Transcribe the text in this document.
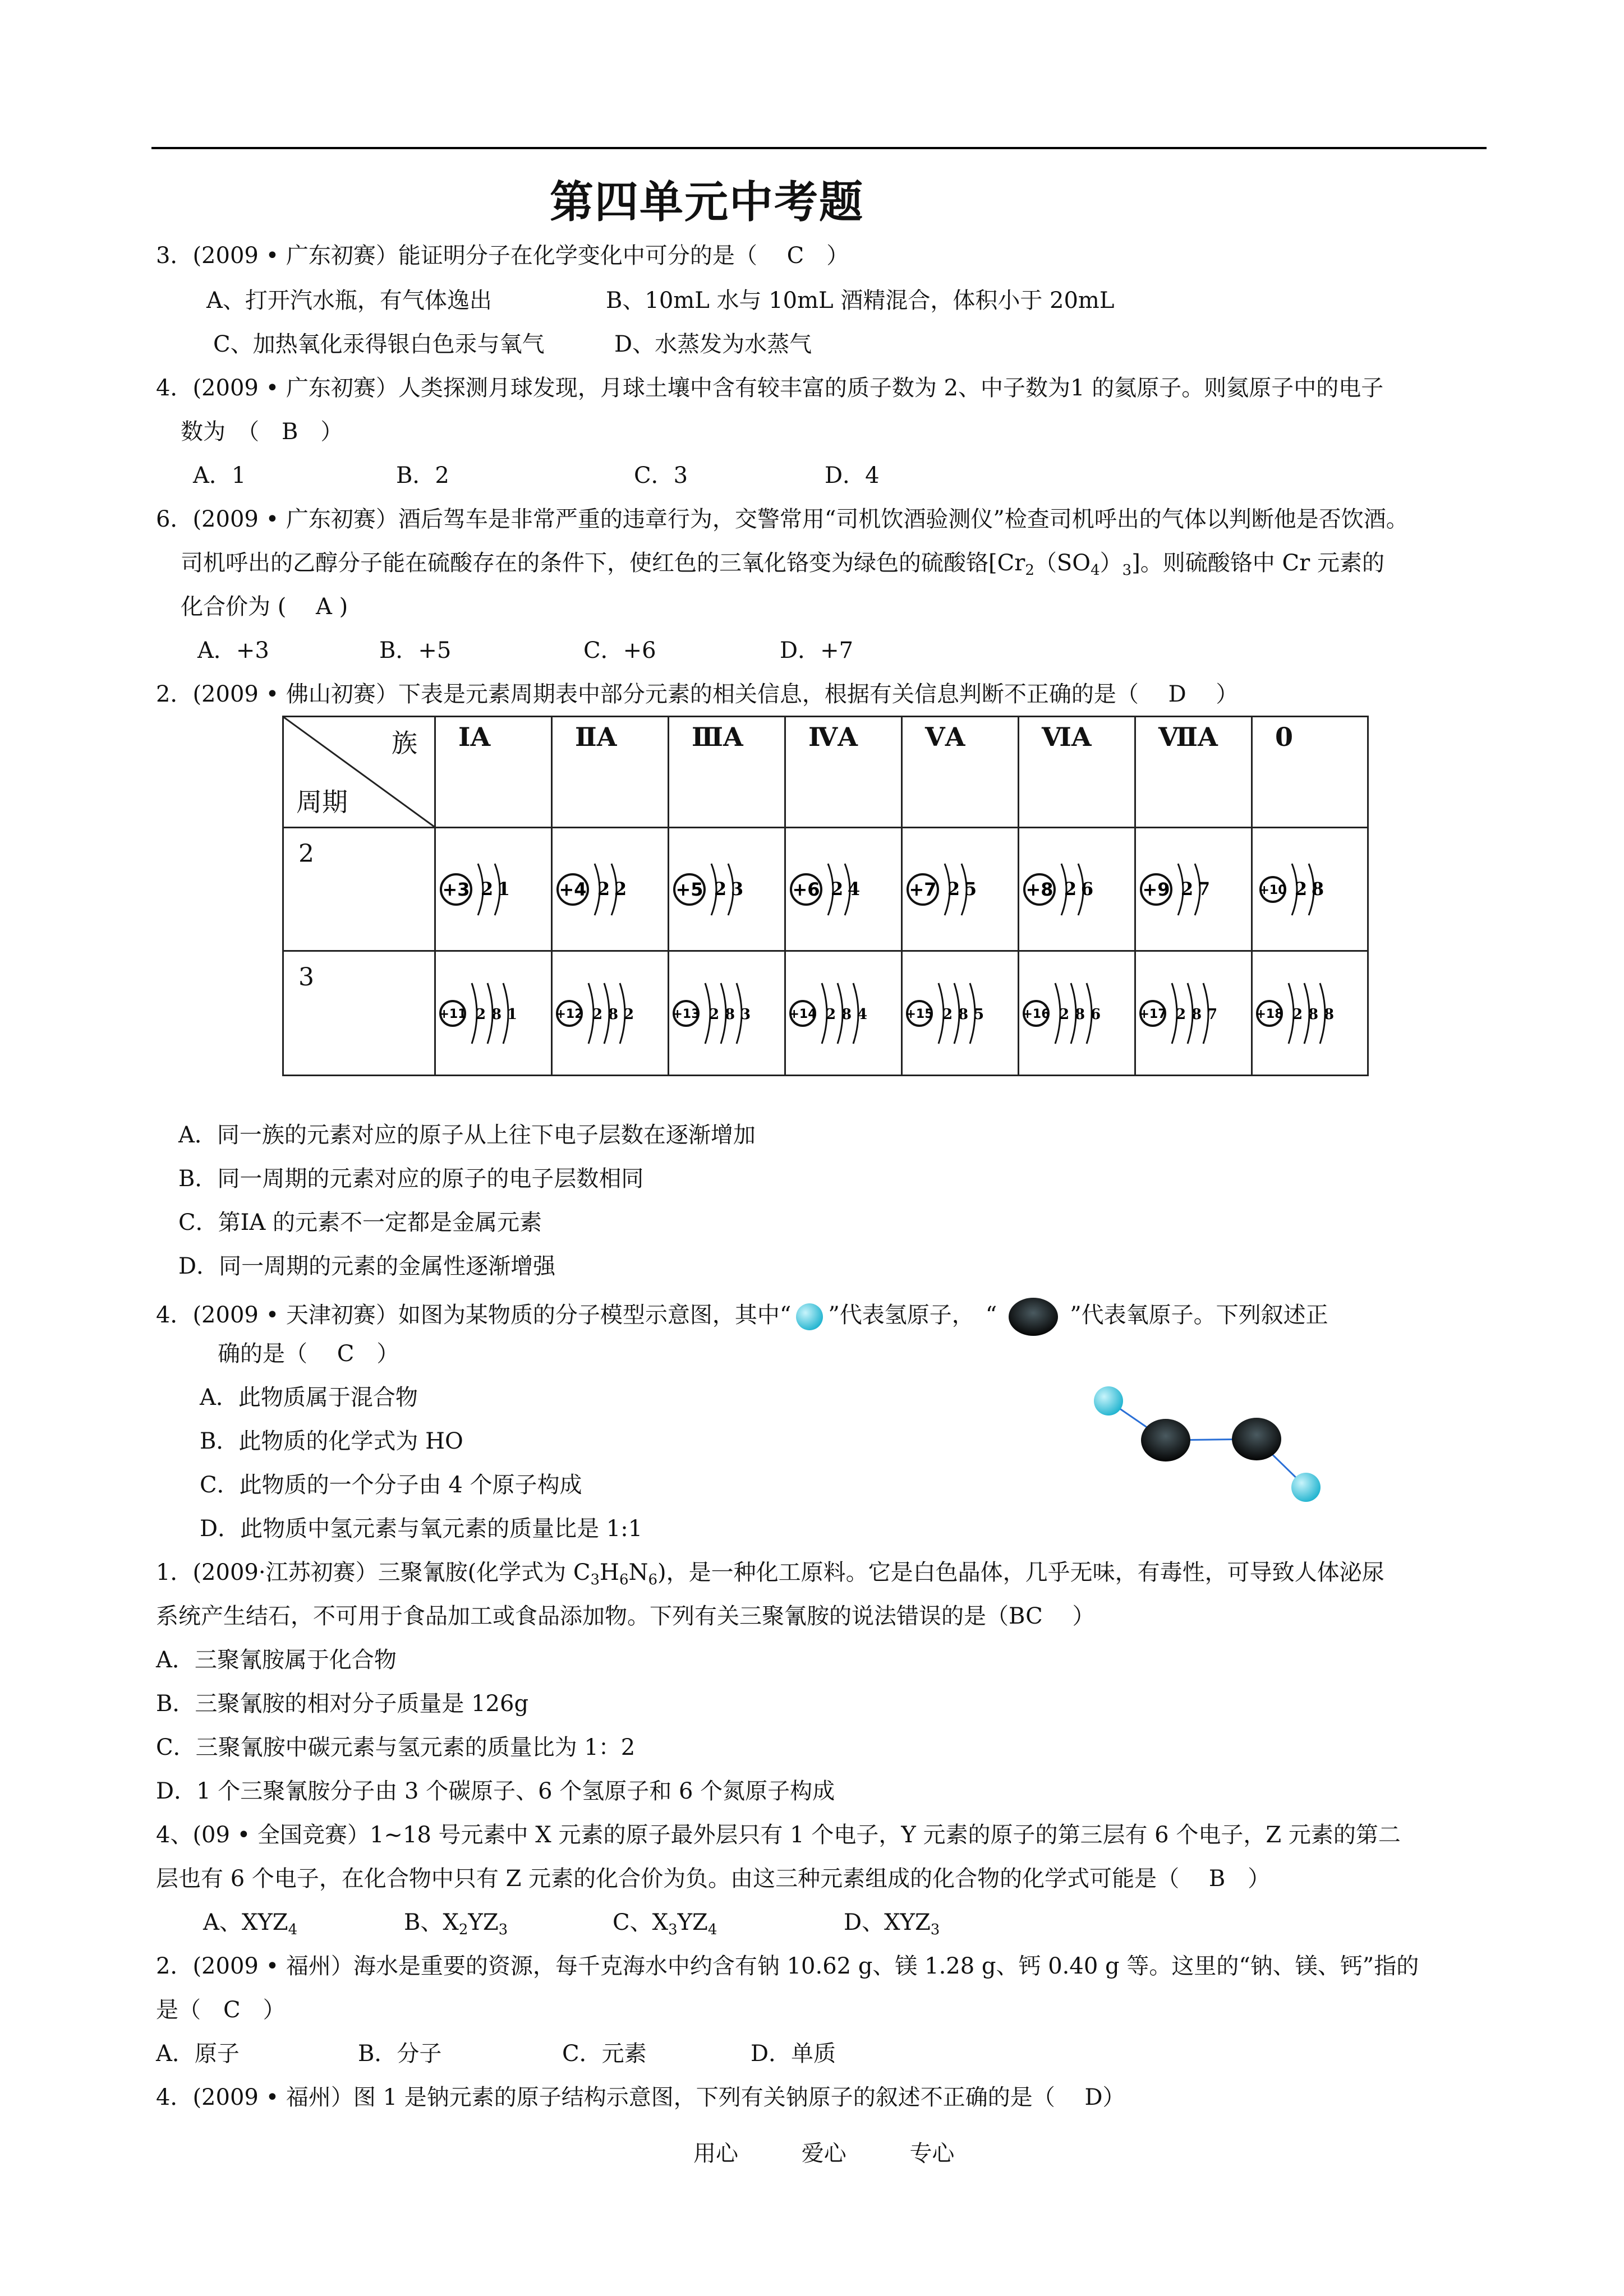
第四单元中考题
3．(2009 • 广东初赛）能证明分子在化学变化中可分的是（　 C　）
A、打开汽水瓶，有气体逸出	B、10mL 水与 10mL 酒精混合，体积小于 20mL
C、加热氧化汞得银白色汞与氧气	D、水蒸发为水蒸气
4．(2009 • 广东初赛）人类探测月球发现，月球土壤中含有较丰富的质子数为 2、中子数为1 的氦原子。则氦原子中的电子
数为　（　B　）
A．1	B．2	C．3	D．4
6．(2009 • 广东初赛）酒后驾车是非常严重的违章行为，交警常用“司机饮酒验测仪”检查司机呼出的气体以判断他是否饮酒。
司机呼出的乙醇分子能在硫酸存在的条件下，使红色的三氧化铬变为绿色的硫酸铬$[Cr_2(SO_4)_3]$。则硫酸铬中 Cr 元素的
化合价为 (　 A )
A．+3	B．+5	C．+6	D．+7
2．(2009 • 佛山初赛）下表是元素周期表中部分元素的相关信息，根据有关信息判断不正确的是（　 D　 ）
族
周期	ⅠA	ⅡA	ⅢA	ⅣA	ⅤA	ⅥA	ⅦA	0
2	+3 2 1	+4 2 2	+5 2 3	+6 2 4	+7 2 5	+8 2 6	+9 2 7	+10 2 8

3	+11 2 8 1	+12 2 8 2	+13 2 8 3	+14 2 8 4	+15 2 8 5	+16 2 8 6	+17 2 8 7	+18 2 8 8
A．同一族的元素对应的原子从上往下电子层数在逐渐增加
B．同一周期的元素对应的原子的电子层数相同
C．第IA 的元素不一定都是金属元素
D．同一周期的元素的金属性逐渐增强
4．(2009 • 天津初赛）如图为某物质的分子模型示意图，其中“ ”代表氢原子，　“	”代表氧原子。下列叙述正
确的是（　 C　）
A．此物质属于混合物
B．此物质的化学式为 HO
C．此物质的一个分子由 4 个原子构成
D．此物质中氢元素与氧元素的质量比是 1:1
1．(2009·江苏初赛）三聚氰胺(化学式为 $C_3H_6N_6$)，是一种化工原料。它是白色晶体，几乎无味，有毒性，可导致人体泌尿
系统产生结石，不可用于食品加工或食品添加物。下列有关三聚氰胺的说法错误的是（BC　 ）
A．三聚氰胺属于化合物
B．三聚氰胺的相对分子质量是 126g
C．三聚氰胺中碳元素与氢元素的质量比为 1：2
D．1 个三聚氰胺分子由 3 个碳原子、6 个氢原子和 6 个氮原子构成
4、(09 • 全国竞赛）1~18 号元素中 X 元素的原子最外层只有 1 个电子，Y 元素的原子的第三层有 6 个电子，Z 元素的第二
层也有 6 个电子，在化合物中只有 Z 元素的化合价为负。由这三种元素组成的化合物的化学式可能是（　 B　）
A、$XYZ_4$	B、$X_2YZ_3$	C、$X_3YZ_4$	D、$XYZ_3$
2．(2009 • 福州）海水是重要的资源，每千克海水中约含有钠 10.62 g、镁 1.28 g、钙 0.40 g 等。这里的“钠、镁、钙”指的
是（　C　）
A．原子	B．分子	C．元素	D．单质
4．(2009 • 福州）图 1 是钠元素的原子结构示意图，下列有关钠原子的叙述不正确的是（　 D）
用心	爱心	专心
